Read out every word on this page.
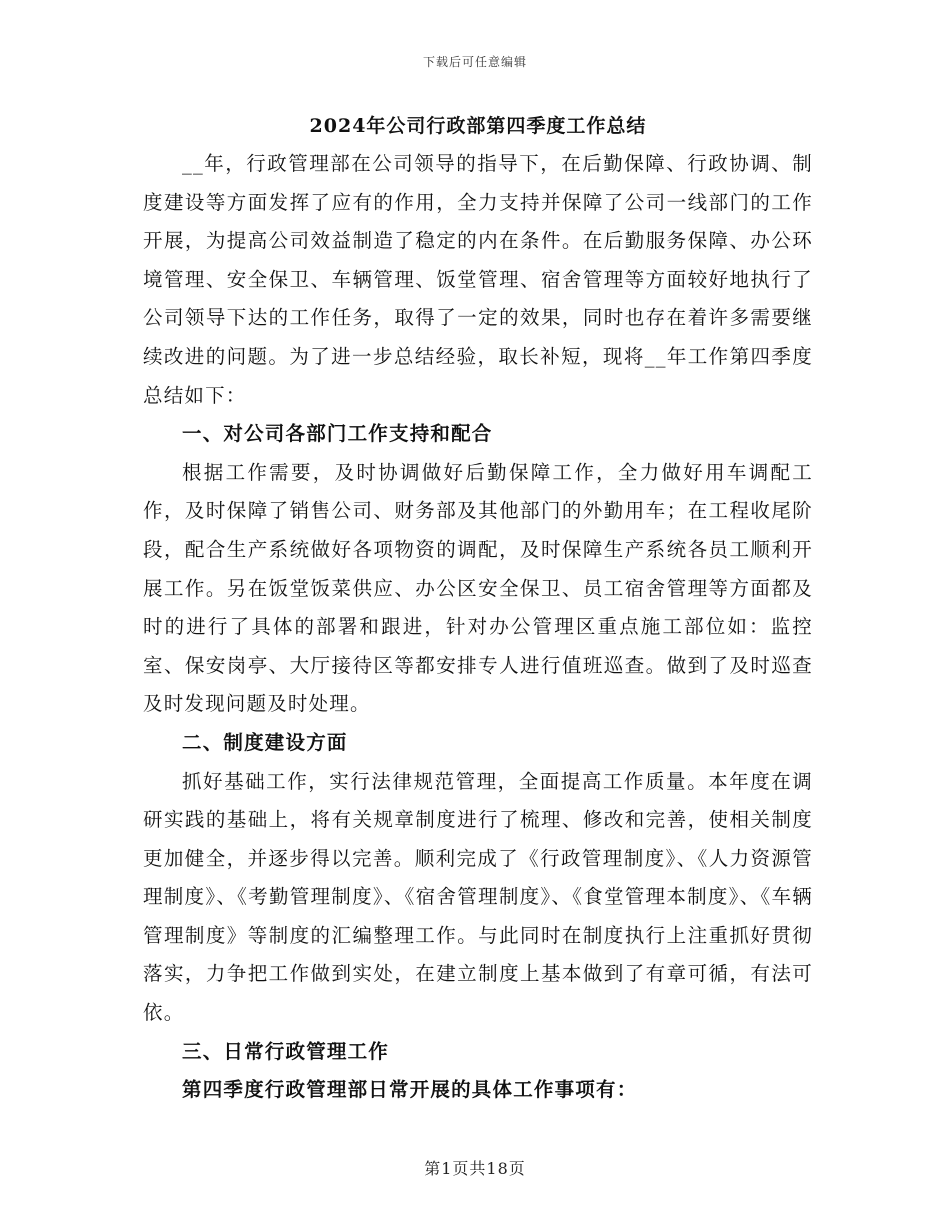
下载后可任意编辑
2024年公司行政部第四季度工作总结

__年，行政管理部在公司领导的指导下，在后勤保障、行政协调、制度建设等方面发挥了应有的作用，全力支持并保障了公司一线部门的工作开展，为提高公司效益制造了稳定的内在条件。在后勤服务保障、办公环境管理、安全保卫、车辆管理、饭堂管理、宿舍管理等方面较好地执行了公司领导下达的工作任务，取得了一定的效果，同时也存在着许多需要继续改进的问题。为了进一步总结经验，取长补短，现将__年工作第四季度总结如下：

一、对公司各部门工作支持和配合

根据工作需要，及时协调做好后勤保障工作，全力做好用车调配工作，及时保障了销售公司、财务部及其他部门的外勤用车；在工程收尾阶段，配合生产系统做好各项物资的调配，及时保障生产系统各员工顺利开展工作。另在饭堂饭菜供应、办公区安全保卫、员工宿舍管理等方面都及时的进行了具体的部署和跟进，针对办公管理区重点施工部位如：监控室、保安岗亭、大厅接待区等都安排专人进行值班巡查。做到了及时巡查及时发现问题及时处理。

二、制度建设方面

抓好基础工作，实行法律规范管理，全面提高工作质量。本年度在调研实践的基础上，将有关规章制度进行了梳理、修改和完善，使相关制度更加健全，并逐步得以完善。顺利完成了《行政管理制度》、《人力资源管理制度》、《考勤管理制度》、《宿舍管理制度》、《食堂管理本制度》、《车辆管理制度》等制度的汇编整理工作。与此同时在制度执行上注重抓好贯彻落实，力争把工作做到实处，在建立制度上基本做到了有章可循，有法可依。

三、日常行政管理工作

第四季度行政管理部日常开展的具体工作事项有：

第1页共18页
